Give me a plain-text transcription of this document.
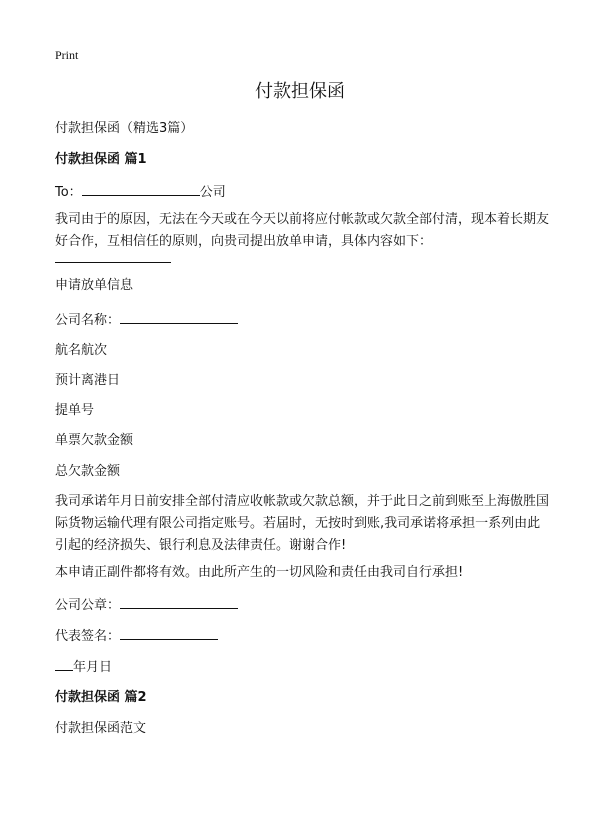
Print
付款担保函
付款担保函（精选3篇）
付款担保函 篇1
To：	公司
我司由于的原因，无法在今天或在今天以前将应付帐款或欠款全部付清，现本着长期友好合作，互相信任的原则，向贵司提出放单申请，具体内容如下：
申请放单信息
公司名称：
航名航次
预计离港日
提单号
单票欠款金额
总欠款金额
我司承诺年月日前安排全部付清应收帐款或欠款总额，并于此日之前到账至上海傲胜国际货物运输代理有限公司指定账号。若届时，无按时到账,我司承诺将承担一系列由此引起的经济损失、银行利息及法律责任。谢谢合作!
本申请正副件都将有效。由此所产生的一切风险和责任由我司自行承担!
公司公章：
代表签名：
年月日
付款担保函 篇2
付款担保函范文
